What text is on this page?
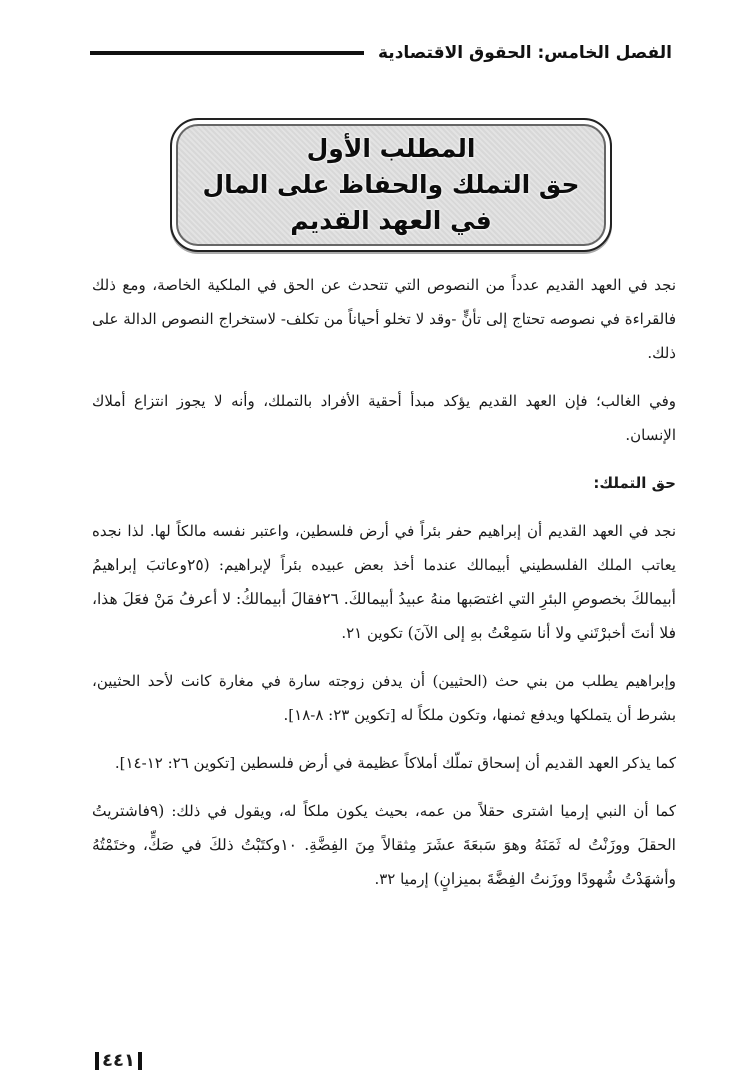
الفصل الخامس: الحقوق الاقتصادية
المطلب الأول
حق التملك والحفاظ على المال
في العهد القديم

نجد في العهد القديم عدداً من النصوص التي تتحدث عن الحق في الملكية الخاصة، ومع ذلك فالقراءة في نصوصه تحتاج إلى تأنٍّ -وقد لا تخلو أحياناً من تكلف- لاستخراج النصوص الدالة على ذلك.

وفي الغالب؛ فإن العهد القديم يؤكد مبدأ أحقية الأفراد بالتملك، وأنه لا يجوز انتزاع أملاك الإنسان.

حق التملك:

نجد في العهد القديم أن إبراهيم حفر بئراً في أرض فلسطين، واعتبر نفسه مالكاً لها. لذا نجده يعاتب الملك الفلسطيني أبيمالك عندما أخذ بعض عبيده بئراً لإبراهيم: (٢٥وعاتبَ إبراهيمُ أبيمالكَ بخصوصِ البئرِ التي اغتصَبها منهُ عبيدُ أبيمالكَ. ٢٦فقالَ أبيمالكُ: لا أعرفُ مَنْ فعَلَ هذا، فلا أنتَ أخبرْتَني ولا أنا سَمِعْتُ بهِ إلى الآنَ) تكوين ٢١.

وإبراهيم يطلب من بني حث (الحثيين) أن يدفن زوجته سارة في مغارة كانت لأحد الحثيين، بشرط أن يتملكها ويدفع ثمنها، وتكون ملكاً له [تكوين ٢٣: ٨-١٨].

كما يذكر العهد القديم أن إسحاق تملّك أملاكاً عظيمة في أرض فلسطين [تكوين ٢٦: ١٢-١٤].

كما أن النبي إرميا اشترى حقلاً من عمه، بحيث يكون ملكاً له، ويقول في ذلك: (٩فاشتريتُ الحقلَ ووزَنْتُ له ثَمَنَهُ وهوَ سَبعَةَ عشَرَ مِثقالاً مِنَ الفِضَّةِ. ١٠وكتَبْتُ ذلكَ في صَكٍّ، وختَمْتُهُ وأشهَدْتُ شُهودًا ووزَنتُ الفِضَّةَ بميزانٍ) إرميا ٣٢.

٤٤١
